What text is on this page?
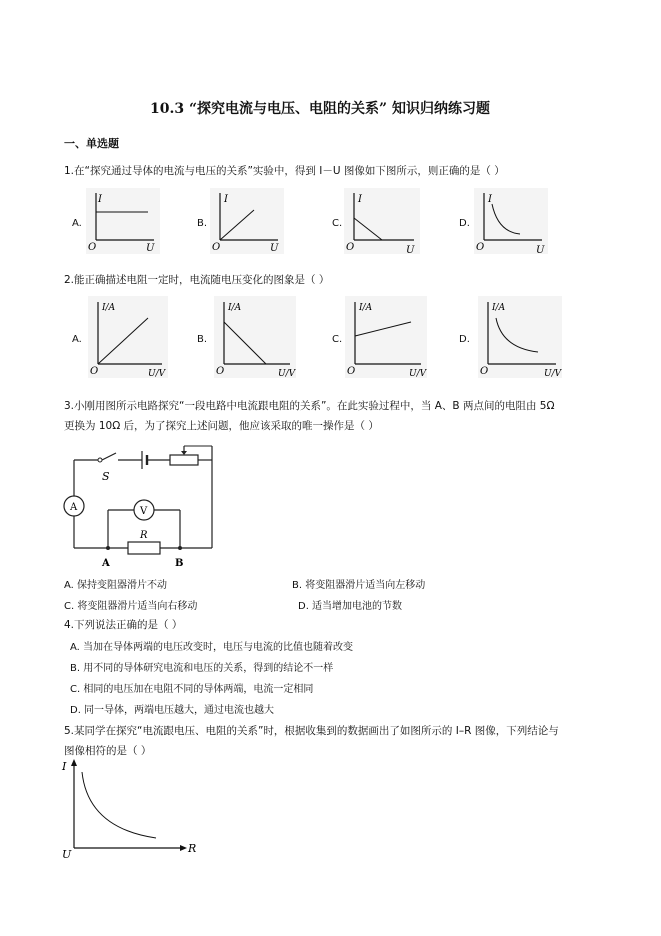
10.3 “探究电流与电压、电阻的关系” 知识归纳练习题
一、单选题
1.在“探究通过导体的电流与电压的关系”实验中，得到 I－U 图像如下图所示，则正确的是（ ）
A.
I
O	U
B.
I
O	U
C.
I
O	U
D.
I
O	U
2.能正确描述电阻一定时，电流随电压变化的图象是（ ）
A.
I/A
O	U/V
B.
I/A
O	U/V
C.
I/A
O	U/V
D.
I/A
O	U/V
3.小刚用图所示电路探究“一段电路中电流跟电阻的关系”。在此实验过程中，当 A、B 两点间的电阻由 5Ω
更换为 10Ω 后，为了探究上述问题，他应该采取的唯一操作是（ ）
S
A
R
V
A	B
A. 保持变阻器滑片不动	B. 将变阻器滑片适当向左移动
C. 将变阻器滑片适当向右移动	D. 适当增加电池的节数
4.下列说法正确的是（ ）
A. 当加在导体两端的电压改变时，电压与电流的比值也随着改变
B. 用不同的导体研究电流和电压的关系，得到的结论不一样
C. 相同的电压加在电阻不同的导体两端，电流一定相同
D. 同一导体，两端电压越大，通过电流也越大
5.某同学在探究“电流跟电压、电阻的关系”时，根据收集到的数据画出了如图所示的 I–R 图像，下列结论与
图像相符的是（ ）
I
U	R
